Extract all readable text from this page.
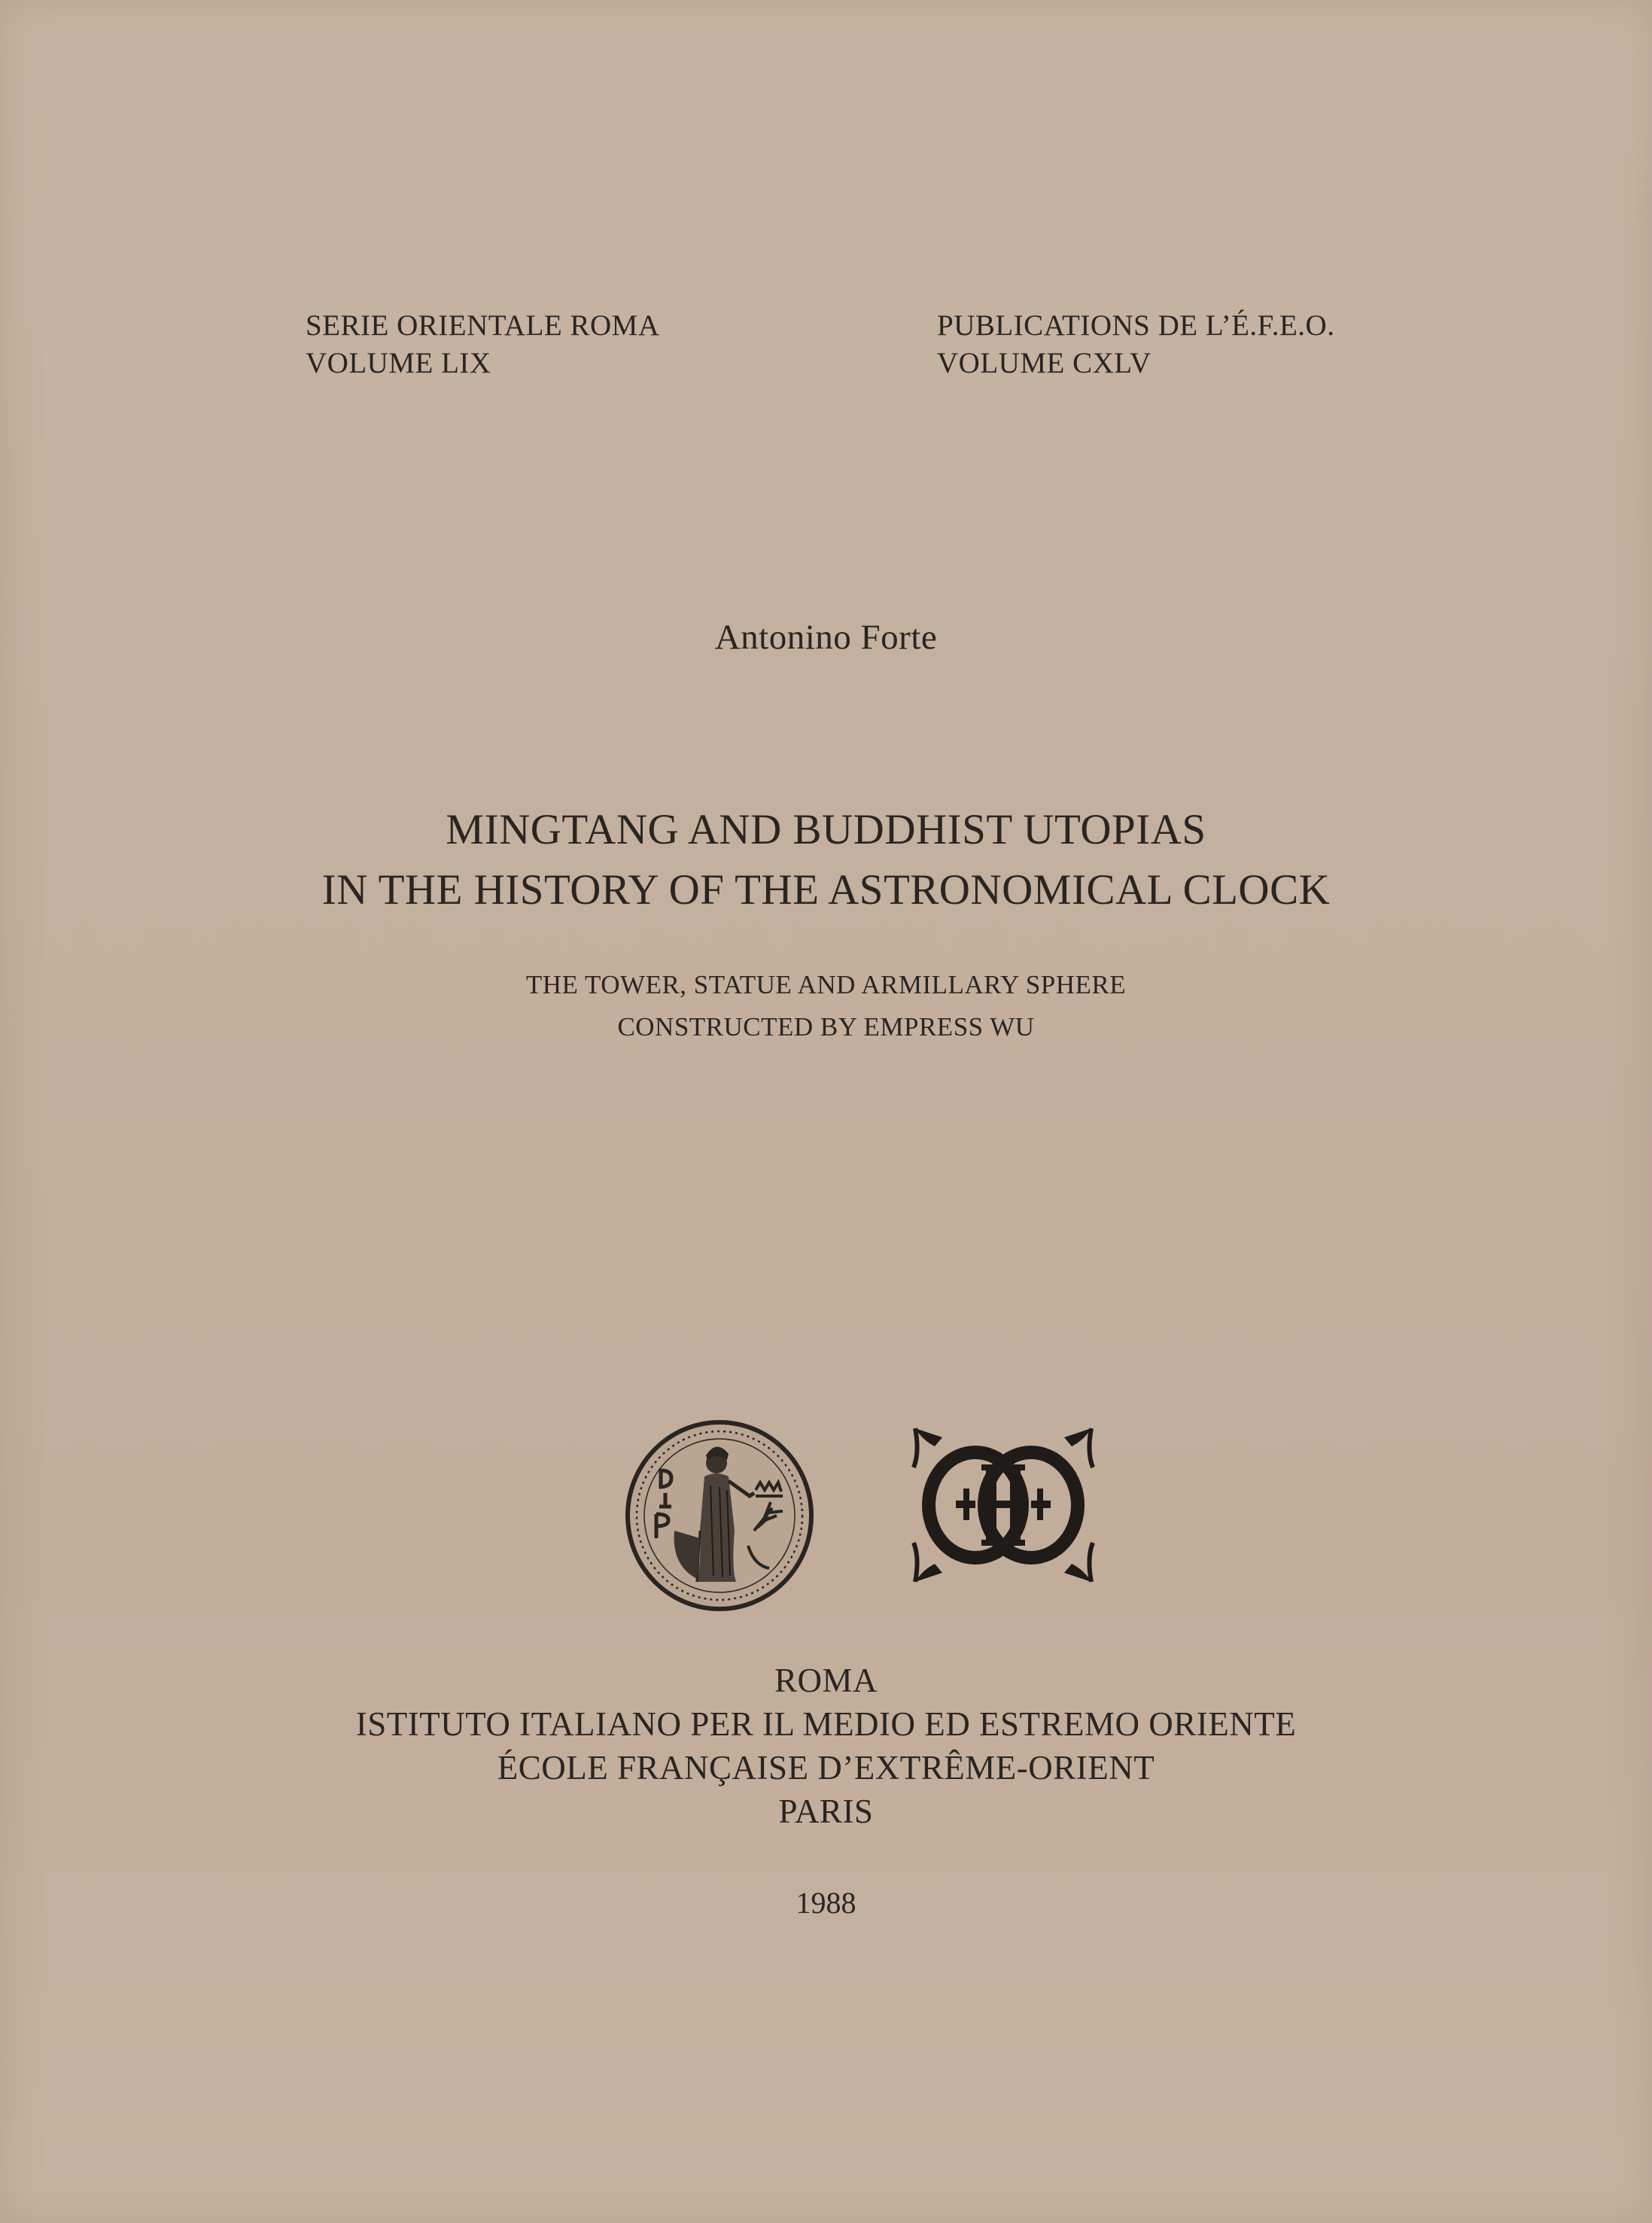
SERIE ORIENTALE ROMA
VOLUME LIX
PUBLICATIONS DE L’É.F.E.O.
VOLUME CXLV
Antonino Forte
MINGTANG AND BUDDHIST UTOPIAS
IN THE HISTORY OF THE ASTRONOMICAL CLOCK
THE TOWER, STATUE AND ARMILLARY SPHERE
CONSTRUCTED BY EMPRESS WU
ROMA
ISTITUTO ITALIANO PER IL MEDIO ED ESTREMO ORIENTE
ÉCOLE FRANÇAISE D’EXTRÊME-ORIENT
PARIS
1988
